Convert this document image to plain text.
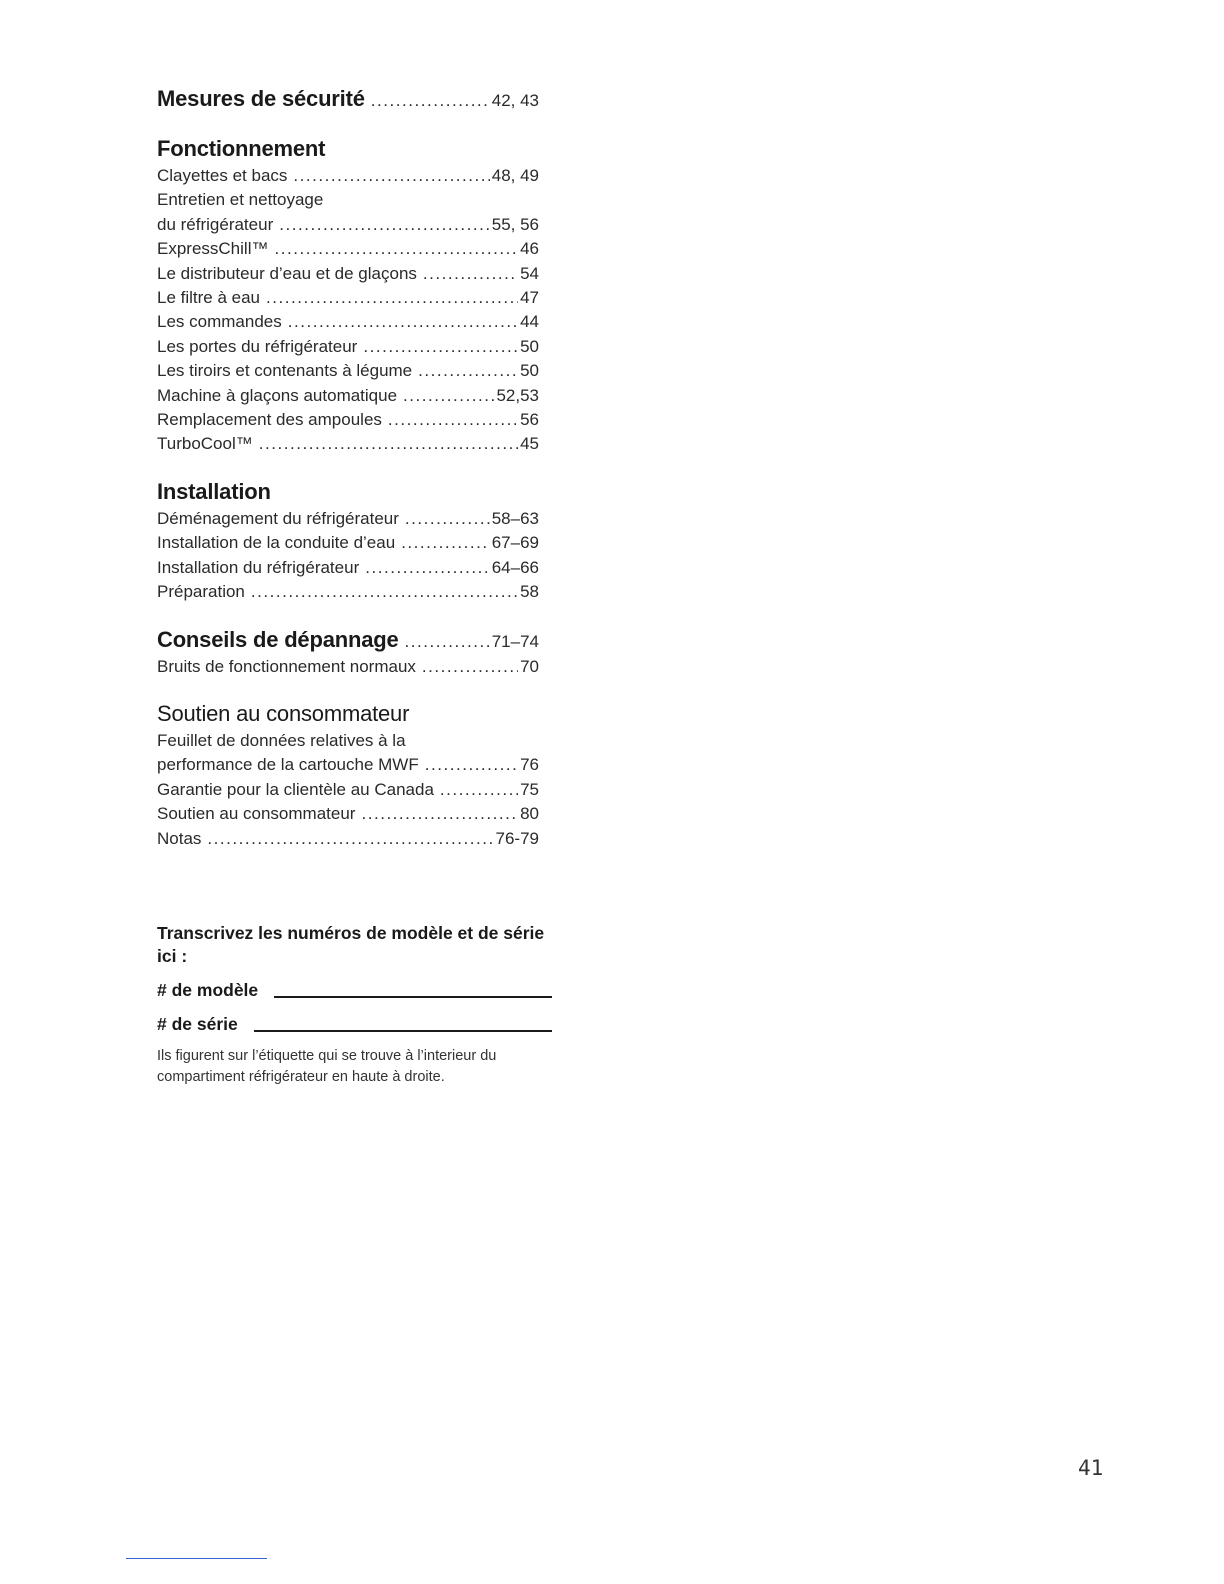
Mesures de sécurité . . .	42, 43
Fonctionnement
Clayettes et bacs . . .	48, 49
Entretien et nettoyage
du réfrigérateur . . .	55, 56
ExpressChill™ . . .	46
Le distributeur d’eau et de glaçons . . .	54
Le filtre à eau . . .	47
Les commandes . . .	44
Les portes du réfrigérateur . . .	50
Les tiroirs et contenants à légume . . .	50
Machine à glaçons automatique . . .	52,53
Remplacement des ampoules . . .	56
TurboCool™ . . .	45
Installation
Déménagement du réfrigérateur . . .	58–63
Installation de la conduite d’eau . . .	67–69
Installation du réfrigérateur . . .	64–66
Préparation . . .	58
Conseils de dépannage . . .	71–74
Bruits de fonctionnement normaux . . .	70
Soutien au consommateur
Feuillet de données relatives à la
performance de la cartouche MWF . . .	76
Garantie pour la clientèle au Canada . . .	75
Soutien au consommateur . . .	80
Notas . . .	76-79
Transcrivez les numéros de modèle et de série ici :
# de modèle
# de série
Ils figurent sur l’étiquette qui se trouve à l’interieur du compartiment réfrigérateur en haute à droite.
41
